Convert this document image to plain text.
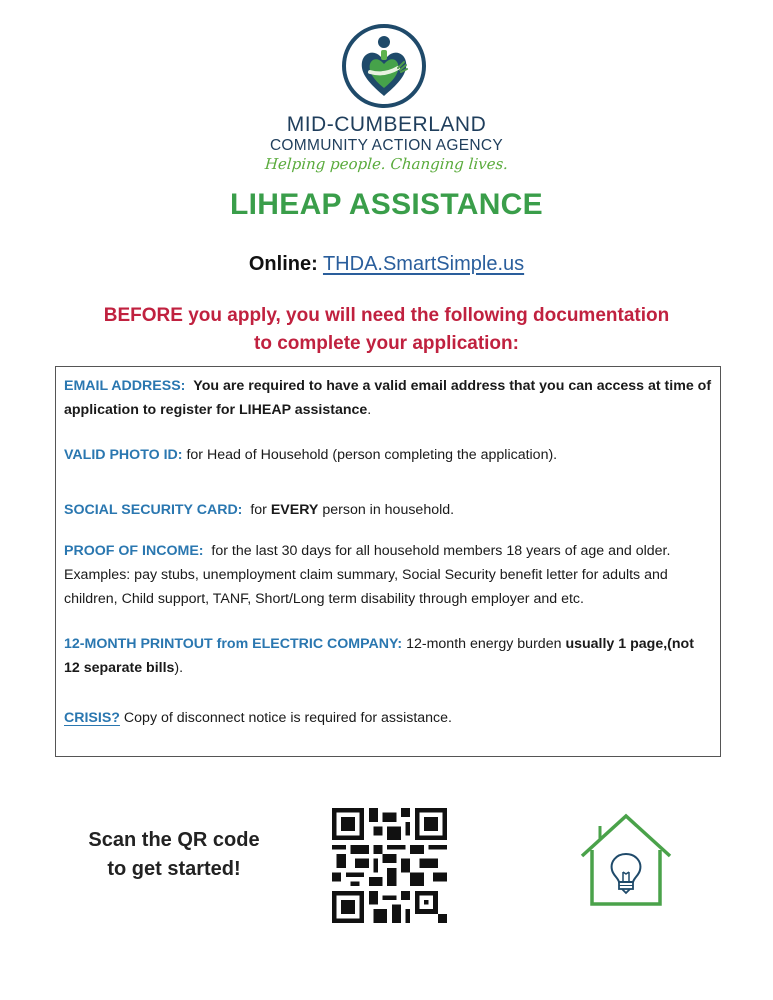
MID-CUMBERLAND
COMMUNITY ACTION AGENCY
Helping people. Changing lives.
LIHEAP ASSISTANCE
Online: THDA.SmartSimple.us
BEFORE you apply, you will need the following documentation
to complete your application:
EMAIL ADDRESS: You are required to have a valid email address that you can access at time of application to register for LIHEAP assistance.
VALID PHOTO ID: for Head of Household (person completing the application).
SOCIAL SECURITY CARD: for EVERY person in household.
PROOF OF INCOME: for the last 30 days for all household members 18 years of age and older. Examples: pay stubs, unemployment claim summary, Social Security benefit letter for adults and children, Child support, TANF, Short/Long term disability through employer and etc.
12-MONTH PRINTOUT from ELECTRIC COMPANY: 12-month energy burden usually 1 page,(not 12 separate bills).
CRISIS? Copy of disconnect notice is required for assistance.
Scan the QR code
to get started!
